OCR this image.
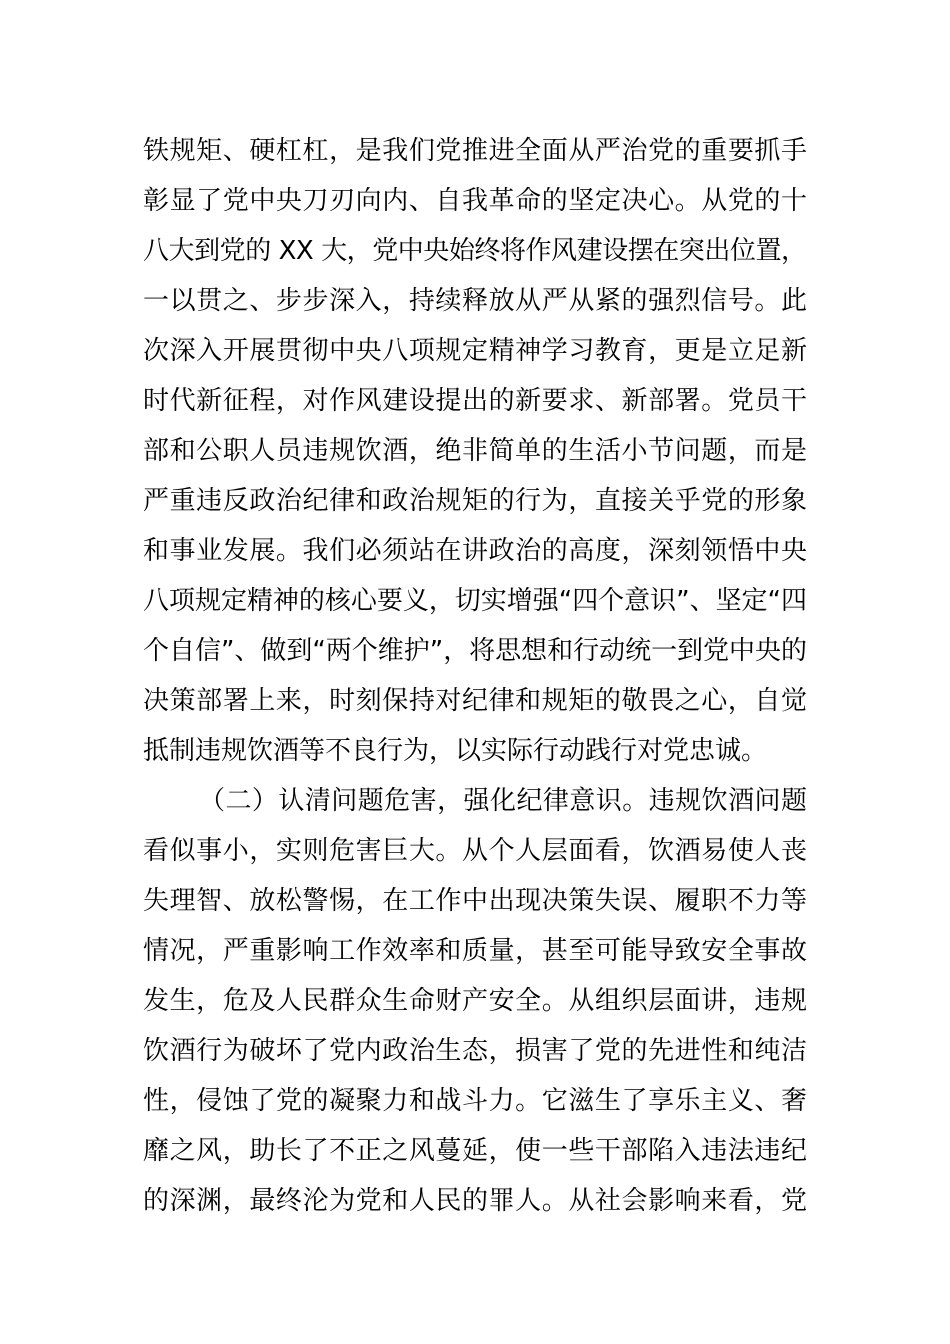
铁规矩、硬杠杠，是我们党推进全面从严治党的重要抓手
彰显了党中央刀刃向内、自我革命的坚定决心。从党的十
八大到党的 XX 大，党中央始终将作风建设摆在突出位置，
一以贯之、步步深入，持续释放从严从紧的强烈信号。此
次深入开展贯彻中央八项规定精神学习教育，更是立足新
时代新征程，对作风建设提出的新要求、新部署。党员干
部和公职人员违规饮酒，绝非简单的生活小节问题，而是
严重违反政治纪律和政治规矩的行为，直接关乎党的形象
和事业发展。我们必须站在讲政治的高度，深刻领悟中央
八项规定精神的核心要义，切实增强“四个意识”、坚定“四
个自信”、做到“两个维护”，将思想和行动统一到党中央的
决策部署上来，时刻保持对纪律和规矩的敬畏之心，自觉
抵制违规饮酒等不良行为，以实际行动践行对党忠诚。
（二）认清问题危害，强化纪律意识。违规饮酒问题
看似事小，实则危害巨大。从个人层面看，饮酒易使人丧
失理智、放松警惕，在工作中出现决策失误、履职不力等
情况，严重影响工作效率和质量，甚至可能导致安全事故
发生，危及人民群众生命财产安全。从组织层面讲，违规
饮酒行为破坏了党内政治生态，损害了党的先进性和纯洁
性，侵蚀了党的凝聚力和战斗力。它滋生了享乐主义、奢
靡之风，助长了不正之风蔓延，使一些干部陷入违法违纪
的深渊，最终沦为党和人民的罪人。从社会影响来看，党
